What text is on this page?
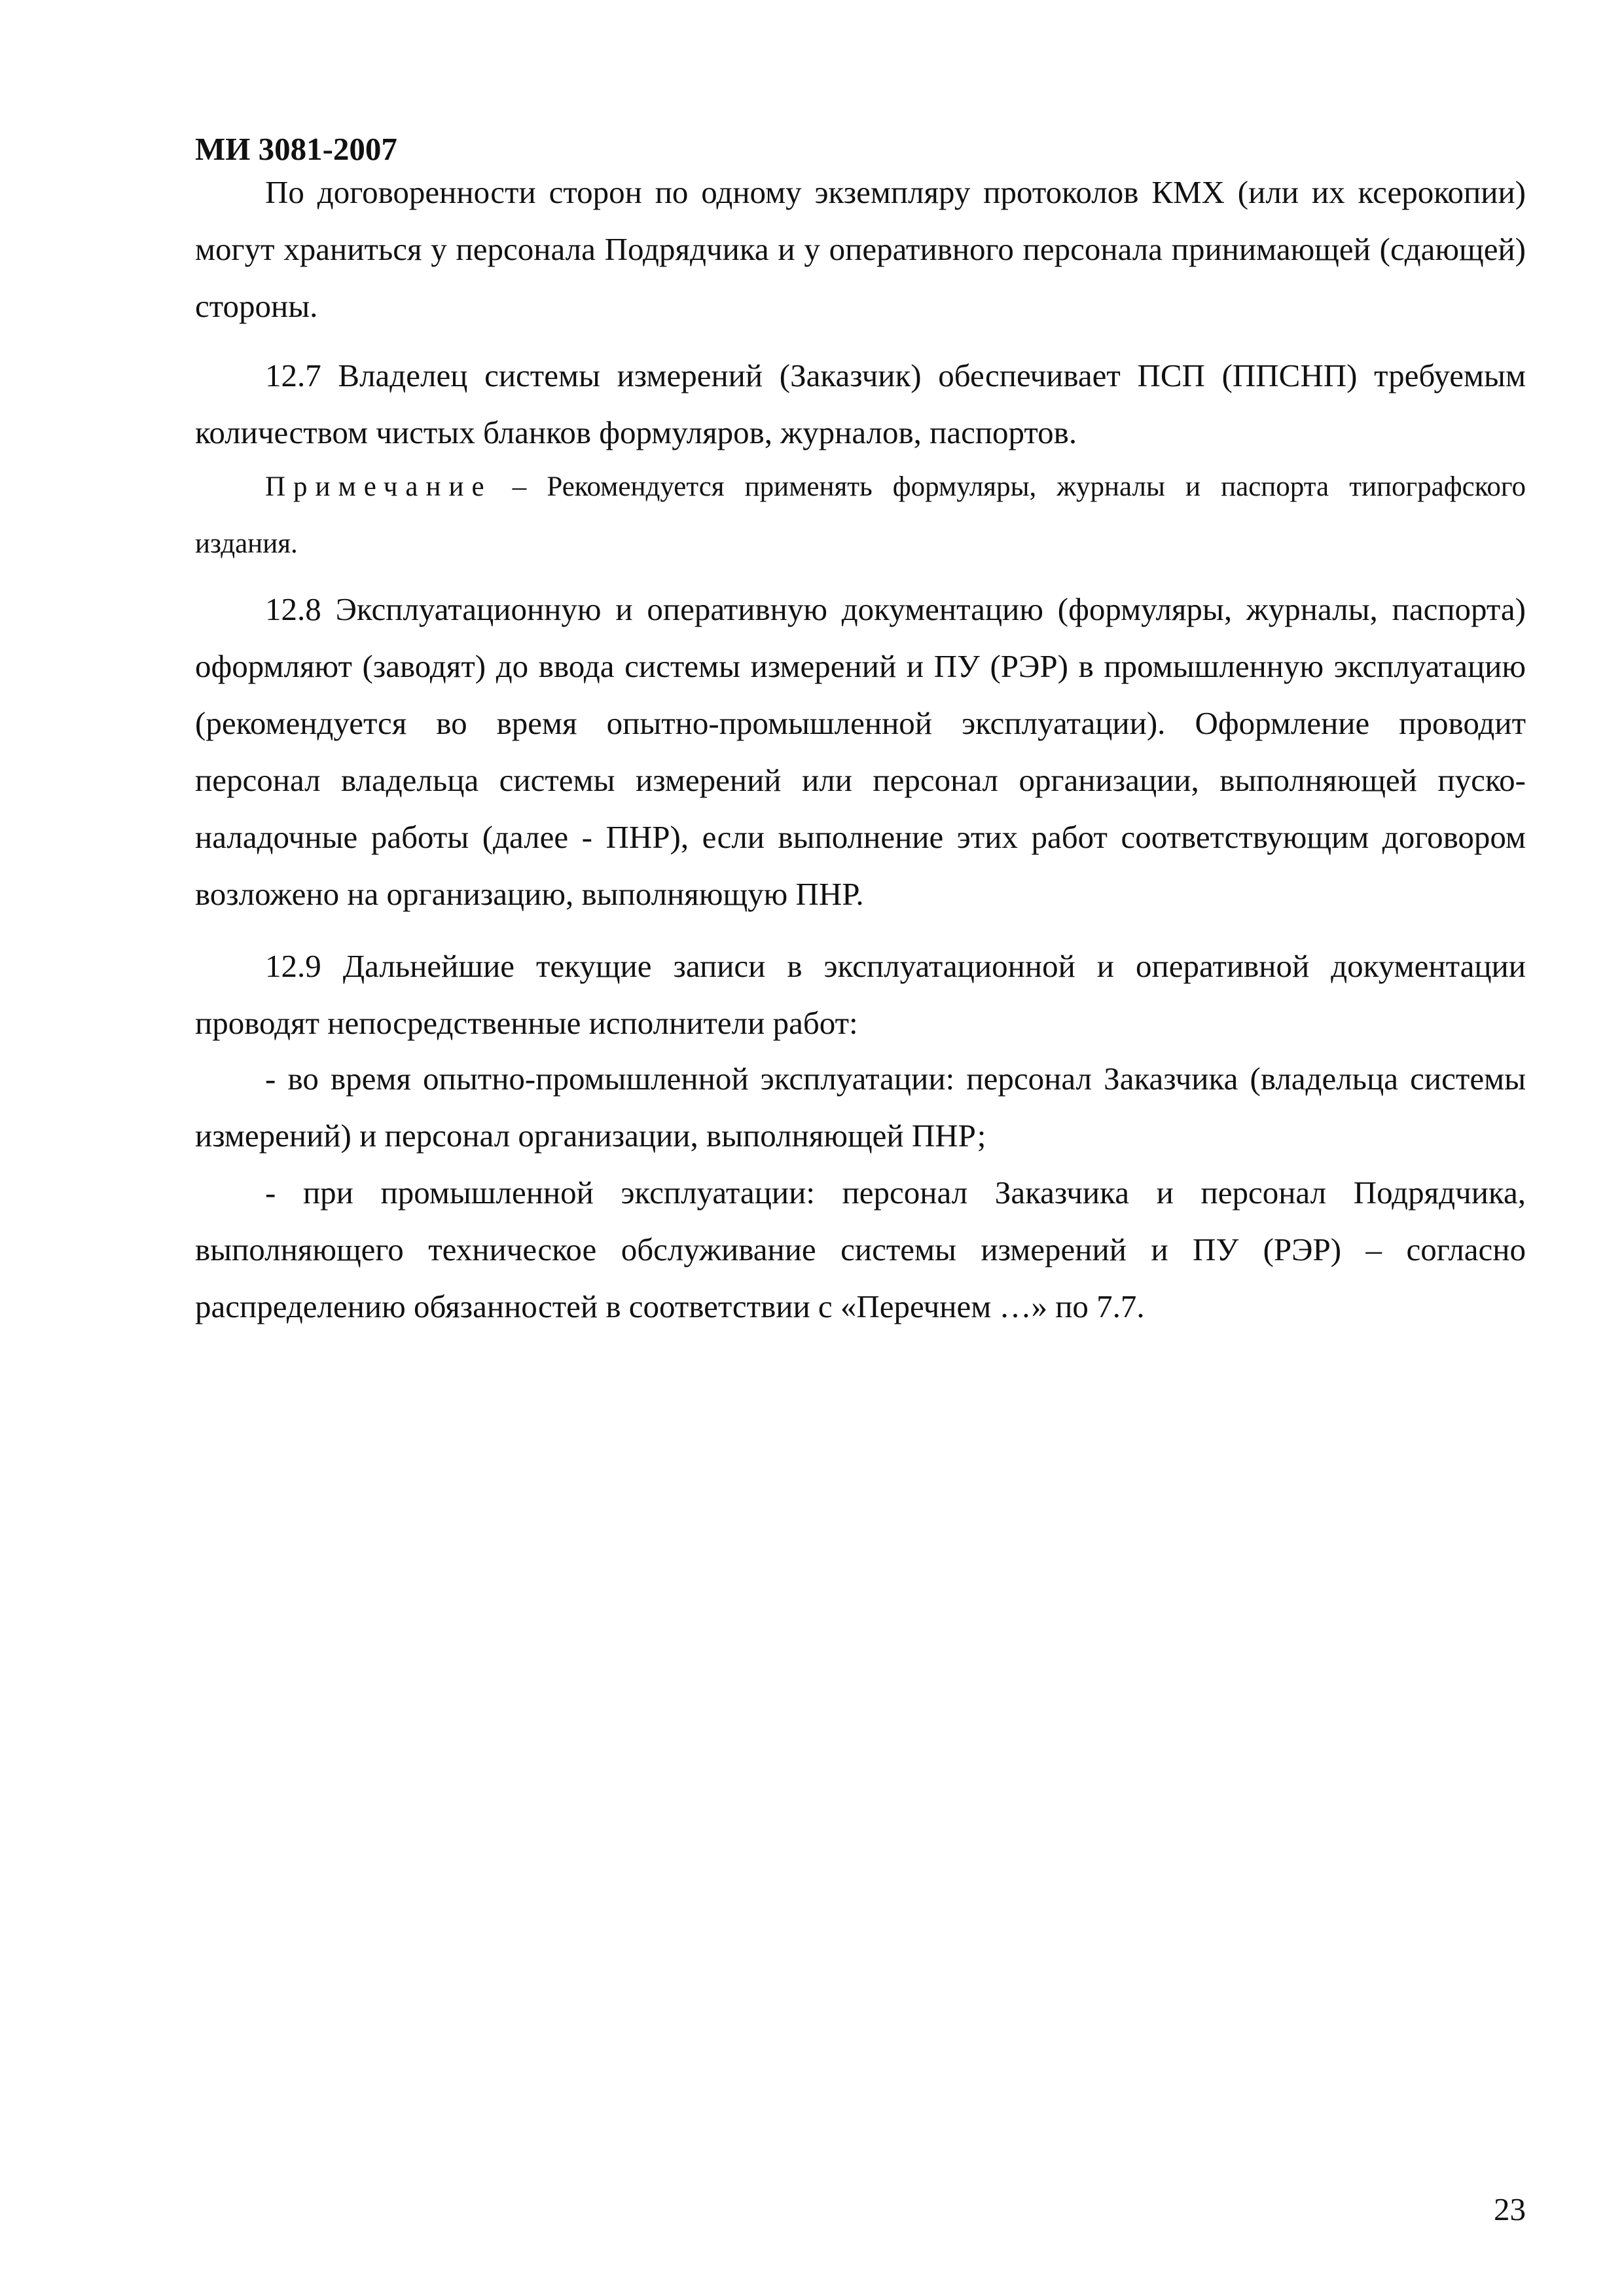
МИ 3081-2007

По договоренности сторон по одному экземпляру протоколов КМХ (или их ксерокопии) могут храниться у персонала Подрядчика и у оперативного персонала принимающей (сдающей) стороны.

12.7 Владелец системы измерений (Заказчик) обеспечивает ПСП (ППСНП) требуемым количеством чистых бланков формуляров, журналов, паспортов.

Примечание – Рекомендуется применять формуляры, журналы и паспорта типографского издания.

12.8 Эксплуатационную и оперативную документацию (формуляры, журналы, паспорта) оформляют (заводят) до ввода системы измерений и ПУ (РЭР) в промышленную эксплуатацию (рекомендуется во время опытно-промышленной эксплуатации). Оформление проводит персонал владельца системы измерений или персонал организации, выполняющей пуско-наладочные работы (далее - ПНР), если выполнение этих работ соответствующим договором возложено на организацию, выполняющую ПНР.

12.9 Дальнейшие текущие записи в эксплуатационной и оперативной документации проводят непосредственные исполнители работ:

- во время опытно-промышленной эксплуатации: персонал Заказчика (владельца системы измерений) и персонал организации, выполняющей ПНР;

- при промышленной эксплуатации: персонал Заказчика и персонал Подрядчика, выполняющего техническое обслуживание системы измерений и ПУ (РЭР) – согласно распределению обязанностей в соответствии с «Перечнем …» по 7.7.

23
